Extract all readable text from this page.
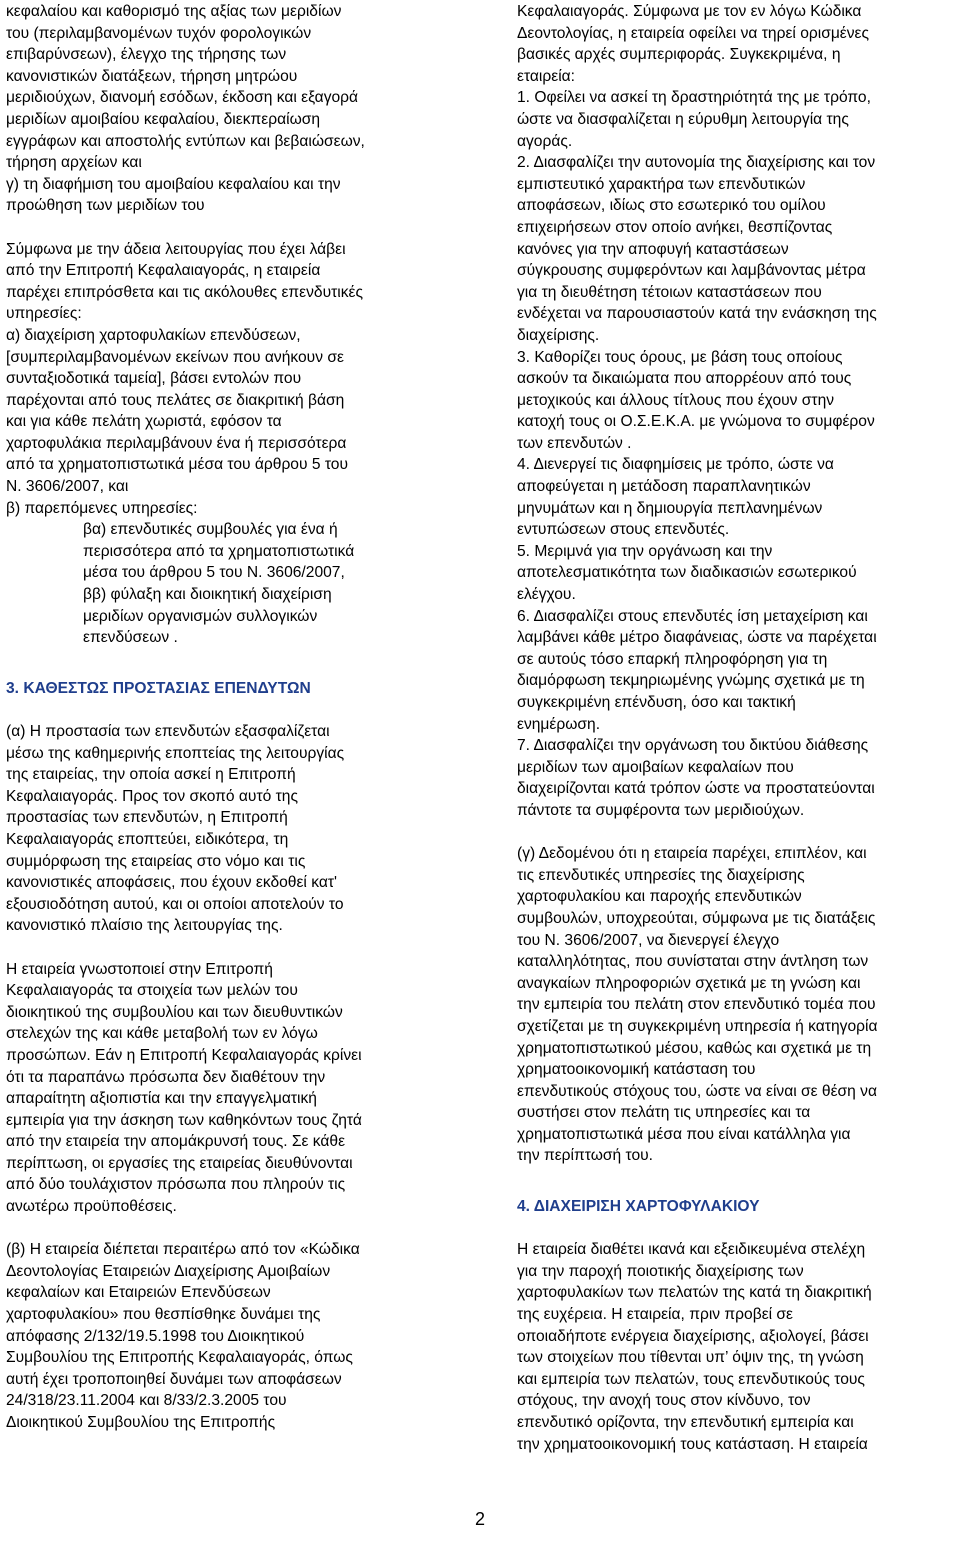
κεφαλαίου και καθορισμό της αξίας των μεριδίων

του (περιλαμβανομένων τυχόν φορολογικών

επιβαρύνσεων), έλεγχο της τήρησης των

κανονιστικών διατάξεων, τήρηση μητρώου

μεριδιούχων, διανομή εσόδων, έκδοση και εξαγορά

μεριδίων αμοιβαίου κεφαλαίου, διεκπεραίωση

εγγράφων και αποστολής εντύπων και βεβαιώσεων,

τήρηση αρχείων και

γ) τη διαφήμιση του αμοιβαίου κεφαλαίου και την

προώθηση των μεριδίων του

Σύμφωνα με την άδεια λειτουργίας που έχει λάβει

από την Επιτροπή Κεφαλαιαγοράς, η εταιρεία

παρέχει επιπρόσθετα και τις ακόλουθες επενδυτικές

υπηρεσίες:

α) διαχείριση χαρτοφυλακίων επενδύσεων,

[συμπεριλαμβανομένων εκείνων που ανήκουν σε

συνταξιοδοτικά ταμεία], βάσει εντολών που

παρέχονται από τους πελάτες σε διακριτική βάση

και για κάθε πελάτη χωριστά, εφόσον τα

χαρτοφυλάκια περιλαμβάνουν ένα ή περισσότερα

από τα χρηματοπιστωτικά μέσα του άρθρου 5 του

Ν. 3606/2007, και

β) παρεπόμενες υπηρεσίες:

βα) επενδυτικές συμβουλές για ένα ή

περισσότερα από τα χρηματοπιστωτικά

μέσα του άρθρου 5 του Ν. 3606/2007,

ββ) φύλαξη και διοικητική διαχείριση

μεριδίων οργανισμών συλλογικών

επενδύσεων .

3. ΚΑΘΕΣΤΩΣ ΠΡΟΣΤΑΣΙΑΣ ΕΠΕΝΔΥΤΩΝ

(α) Η προστασία των επενδυτών εξασφαλίζεται

μέσω της καθημερινής εποπτείας της λειτουργίας

της εταιρείας, την οποία ασκεί η Επιτροπή

Κεφαλαιαγοράς. Προς τον σκοπό αυτό της

προστασίας των επενδυτών, η Επιτροπή

Κεφαλαιαγοράς εποπτεύει, ειδικότερα, τη

συμμόρφωση της εταιρείας στο νόμο και τις

κανονιστικές αποφάσεις, που έχουν εκδοθεί κατ'

εξουσιοδότηση αυτού, και οι οποίοι αποτελούν το

κανονιστικό πλαίσιο της λειτουργίας της.

Η εταιρεία γνωστοποιεί στην Επιτροπή

Κεφαλαιαγοράς τα στοιχεία των μελών του

διοικητικού της συμβουλίου και των διευθυντικών

στελεχών της και κάθε μεταβολή των εν λόγω

προσώπων. Εάν η Επιτροπή Κεφαλαιαγοράς κρίνει

ότι τα παραπάνω πρόσωπα δεν διαθέτουν την

απαραίτητη αξιοπιστία και την επαγγελματική

εμπειρία για την άσκηση των καθηκόντων τους ζητά

από την εταιρεία την απομάκρυνσή τους. Σε κάθε

περίπτωση, οι εργασίες της εταιρείας διευθύνονται

από δύο τουλάχιστον πρόσωπα που πληρούν τις

ανωτέρω προϋποθέσεις.

(β) Η εταιρεία διέπεται περαιτέρω από τον «Κώδικα

Δεοντολογίας Εταιρειών Διαχείρισης Αμοιβαίων

κεφαλαίων και Εταιρειών Επενδύσεων

χαρτοφυλακίου» που θεσπίσθηκε δυνάμει της

απόφασης 2/132/19.5.1998 του Διοικητικού

Συμβουλίου της Επιτροπής Κεφαλαιαγοράς, όπως

αυτή έχει τροποποιηθεί δυνάμει των αποφάσεων

24/318/23.11.2004 και 8/33/2.3.2005 του

Διοικητικού Συμβουλίου της Επιτροπής

Κεφαλαιαγοράς. Σύμφωνα με τον εν λόγω Κώδικα

Δεοντολογίας, η εταιρεία οφείλει να τηρεί ορισμένες

βασικές αρχές συμπεριφοράς. Συγκεκριμένα, η

εταιρεία:

1. Οφείλει να ασκεί τη δραστηριότητά της με τρόπο,

ώστε να διασφαλίζεται η εύρυθμη λειτουργία της

αγοράς.

2. Διασφαλίζει την αυτονομία της διαχείρισης και τον

εμπιστευτικό χαρακτήρα των επενδυτικών

αποφάσεων, ιδίως στο εσωτερικό του ομίλου

επιχειρήσεων στον οποίο ανήκει, θεσπίζοντας

κανόνες για την αποφυγή καταστάσεων

σύγκρουσης συμφερόντων και λαμβάνοντας μέτρα

για τη διευθέτηση τέτοιων καταστάσεων που

ενδέχεται να παρουσιαστούν κατά την ενάσκηση της

διαχείρισης.

3. Καθορίζει τους όρους, με βάση τους οποίους

ασκούν τα δικαιώματα που απορρέουν από τους

μετοχικούς και άλλους τίτλους που έχουν στην

κατοχή τους οι Ο.Σ.Ε.Κ.Α. με γνώμονα το συμφέρον

των επενδυτών .

4. Διενεργεί τις διαφημίσεις με τρόπο, ώστε να

αποφεύγεται η μετάδοση παραπλανητικών

μηνυμάτων και η δημιουργία πεπλανημένων

εντυπώσεων στους επενδυτές.

5. Μεριμνά για την οργάνωση και την

αποτελεσματικότητα των διαδικασιών εσωτερικού

ελέγχου.

6. Διασφαλίζει στους επενδυτές ίση μεταχείριση και

λαμβάνει κάθε μέτρο διαφάνειας, ώστε να παρέχεται

σε αυτούς τόσο επαρκή πληροφόρηση για τη

διαμόρφωση τεκμηριωμένης γνώμης σχετικά με τη

συγκεκριμένη επένδυση, όσο και τακτική

ενημέρωση.

7. Διασφαλίζει την οργάνωση του δικτύου διάθεσης

μεριδίων των αμοιβαίων κεφαλαίων που

διαχειρίζονται κατά τρόπον ώστε να προστατεύονται

πάντοτε τα συμφέροντα των μεριδιούχων.

(γ) Δεδομένου ότι η εταιρεία παρέχει, επιπλέον, και

τις επενδυτικές υπηρεσίες της διαχείρισης

χαρτοφυλακίου και παροχής επενδυτικών

συμβουλών, υποχρεούται, σύμφωνα με τις διατάξεις

του Ν. 3606/2007, να διενεργεί έλεγχο

καταλληλότητας, που συνίσταται στην άντληση των

αναγκαίων πληροφοριών σχετικά με τη γνώση και

την εμπειρία του πελάτη στον επενδυτικό τομέα που

σχετίζεται με τη συγκεκριμένη υπηρεσία ή κατηγορία

χρηματοπιστωτικού μέσου, καθώς και σχετικά με τη

χρηματοοικονομική κατάσταση του

επενδυτικούς στόχους του, ώστε να είναι σε θέση να

συστήσει στον πελάτη τις υπηρεσίες και τα

χρηματοπιστωτικά μέσα που είναι κατάλληλα για

την περίπτωσή του.

4. ΔΙΑΧΕΙΡΙΣΗ ΧΑΡΤΟΦΥΛΑΚΙΟΥ

Η εταιρεία διαθέτει ικανά και εξειδικευμένα στελέχη

για την παροχή ποιοτικής διαχείρισης των

χαρτοφυλακίων των πελατών της κατά τη διακριτική

της ευχέρεια. Η εταιρεία, πριν προβεί σε

οποιαδήποτε ενέργεια διαχείρισης, αξιολογεί, βάσει

των στοιχείων που τίθενται υπ’ όψιν της, τη γνώση

και εμπειρία των πελατών, τους επενδυτικούς τους

στόχους, την ανοχή τους στον κίνδυνο, τον

επενδυτικό ορίζοντα, την επενδυτική εμπειρία και

την χρηματοοικονομική τους κατάσταση. Η εταιρεία

2
